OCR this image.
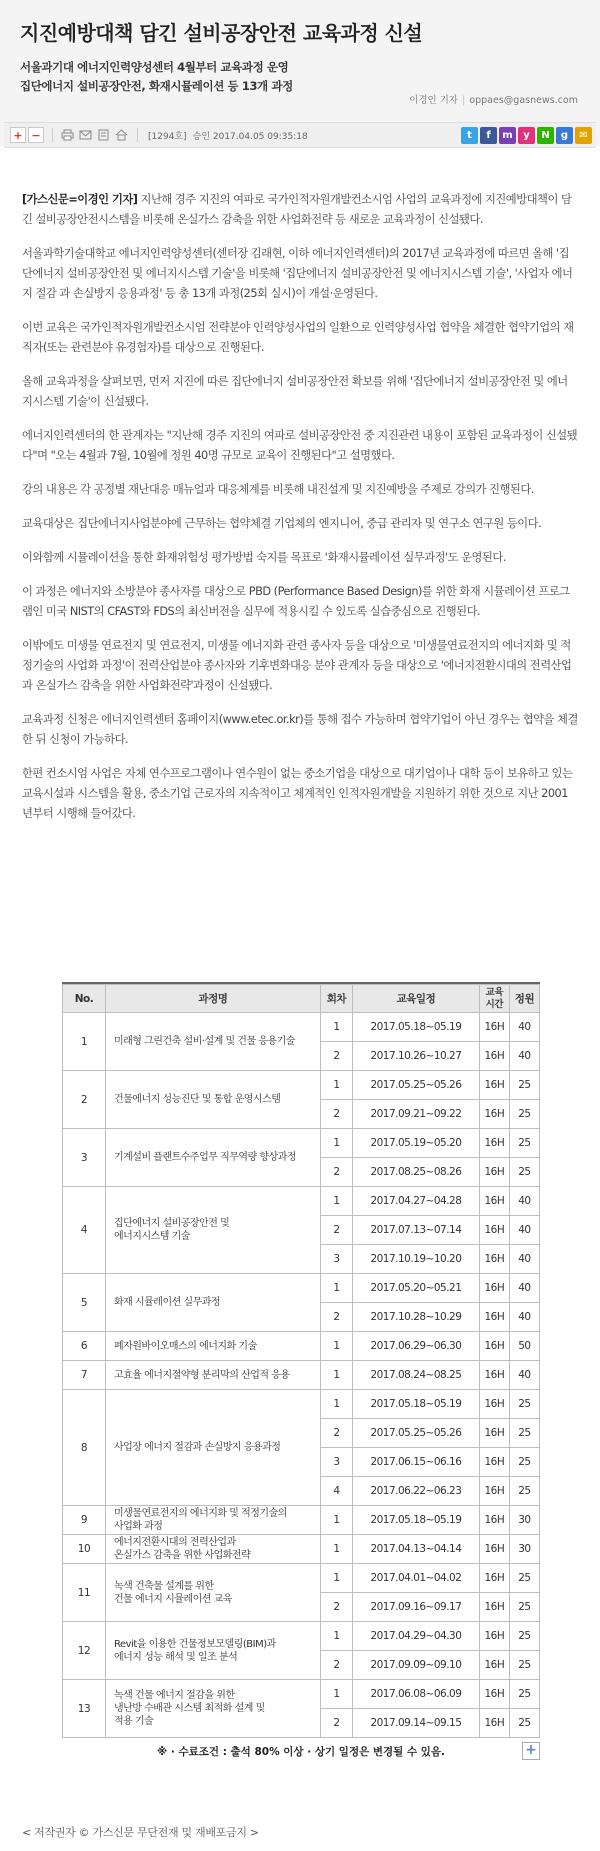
지진예방대책 담긴 설비공장안전 교육과정 신설
서울과기대 에너지인력양성센터 4월부터 교육과정 운영
집단에너지 설비공장안전, 화재시뮬레이션 등 13개 과정
이경인 기자 | oppaes@gasnews.com
+ −	[1294호] 승인 2017.04.05 09:35:18	t	f	m	y	N	g	✉

[가스신문=이경인 기자] 지난해 경주 지진의 여파로 국가인적자원개발컨소시엄 사업의 교육과정에 지진예방대책이 담긴 설비공장안전시스템을 비롯해 온실가스 감축을 위한 사업화전략 등 새로운 교육과정이 신설됐다.

서울과학기술대학교 에너지인력양성센터(센터장 김래현, 이하 에너지인력센터)의 2017년 교육과정에 따르면 올해 '집단에너지 설비공장안전 및 에너지시스템 기술'을 비롯해 '집단에너지 설비공장안전 및 에너지시스템 기술', '사업자 에너지 절감 과 손실방지 응용과정' 등 총 13개 과정(25회 실시)이 개설·운영된다.

이번 교육은 국가인적자원개발컨소시엄 전략분야 인력양성사업의 일환으로 인력양성사업 협약을 체결한 협약기업의 재직자(또는 관련분야 유경험자)를 대상으로 진행된다.

올해 교육과정을 살펴보면, 먼저 지진에 따른 집단에너지 설비공장안전 확보를 위해 '집단에너지 설비공장안전 및 에너지시스템 기술'이 신설됐다.

에너지인력센터의 한 관계자는 "지난해 경주 지진의 여파로 설비공장안전 중 지진관련 내용이 포함된 교육과정이 신설됐다"며 "오는 4월과 7월, 10월에 정원 40명 규모로 교육이 진행된다"고 설명했다.

강의 내용은 각 공정별 재난대응 매뉴얼과 대응체계를 비롯해 내진설계 및 지진예방을 주제로 강의가 진행된다.

교육대상은 집단에너지사업분야에 근무하는 협약체결 기업체의 엔지니어, 중급 관리자 및 연구소 연구원 등이다.

이와함께 시뮬레이션을 통한 화재위험성 평가방법 숙지를 목표로 '화재시뮬레이션 실무과정'도 운영된다.

이 과정은 에너지와 소방분야 종사자를 대상으로 PBD (Performance Based Design)를 위한 화재 시뮬레이션 프로그램인 미국 NIST의 CFAST와 FDS의 최신버전을 실무에 적용시킬 수 있도록 실습중심으로 진행된다.

이밖에도 미생물 연료전지 및 연료전지, 미생물 에너지화 관련 종사자 등을 대상으로 '미생물연료전지의 에너지화 및 적정기술의 사업화 과정'이 전력산업분야 종사자와 기후변화대응 분야 관계자 등을 대상으로 '에너지전환시대의 전력산업과 온실가스 감축을 위한 사업화전략'과정이 신설됐다.

교육과정 신청은 에너지인력센터 홈페이지(www.etec.or.kr)를 통해 접수 가능하며 협약기업이 아닌 경우는 협약을 체결한 뒤 신청이 가능하다.

한편 컨소시엄 사업은 자체 연수프로그램이나 연수원이 없는 중소기업을 대상으로 대기업이나 대학 등이 보유하고 있는 교육시설과 시스템을 활용, 중소기업 근로자의 지속적이고 체계적인 인적자원개발을 지원하기 위한 것으로 지난 2001년부터 시행해 들어갔다.

No.	과정명	회차	교육일정	교육시간	정원
1	미래형 그린건축 설비·설계 및 건물 응용기술	1	2017.05.18~05.19	16H	40
		2	2017.10.26~10.27	16H	40
2	건물에너지 성능진단 및 통합 운영시스템	1	2017.05.25~05.26	16H	25
		2	2017.09.21~09.22	16H	25
3	기계설비 플랜트수주업무 직무역량 향상과정	1	2017.05.19~05.20	16H	25
		2	2017.08.25~08.26	16H	25
4	집단에너지 설비공장안전 및
에너지시스템 기술	1	2017.04.27~04.28	16H	40
		2	2017.07.13~07.14	16H	40
		3	2017.10.19~10.20	16H	40
5	화재 시뮬레이션 실무과정	1	2017.05.20~05.21	16H	40
		2	2017.10.28~10.29	16H	40
6	폐자원바이오매스의 에너지화 기술	1	2017.06.29~06.30	16H	50
7	고효율 에너지절약형 분리막의 산업적 응용	1	2017.08.24~08.25	16H	40
8	사업장 에너지 절감과 손실방지 응용과정	1	2017.05.18~05.19	16H	25
		2	2017.05.25~05.26	16H	25
		3	2017.06.15~06.16	16H	25
		4	2017.06.22~06.23	16H	25
9	미생물연료전지의 에너지화 및 적정기술의
사업화 과정	1	2017.05.18~05.19	16H	30
10	에너지전환시대의 전력산업과
온실가스 감축을 위한 사업화전략	1	2017.04.13~04.14	16H	30
11	녹색 건축물 설계를 위한
건물 에너지 시뮬레이션 교육	1	2017.04.01~04.02	16H	25
		2	2017.09.16~09.17	16H	25
12	Revit을 이용한 건물정보모델링(BIM)과
에너지 성능 해석 및 일조 분석	1	2017.04.29~04.30	16H	25
		2	2017.09.09~09.10	16H	25
13	녹색 건물 에너지 절감을 위한
냉난방 수배관 시스템 최적화 설계 및
적용 기술	1	2017.06.08~06.09	16H	25
		2	2017.09.14~09.15	16H	25
※ · 수료조건 : 출석 80% 이상 · 상기 일정은 변경될 수 있음.	+
< 저작권자 © 가스신문 무단전재 및 재배포금지 >
